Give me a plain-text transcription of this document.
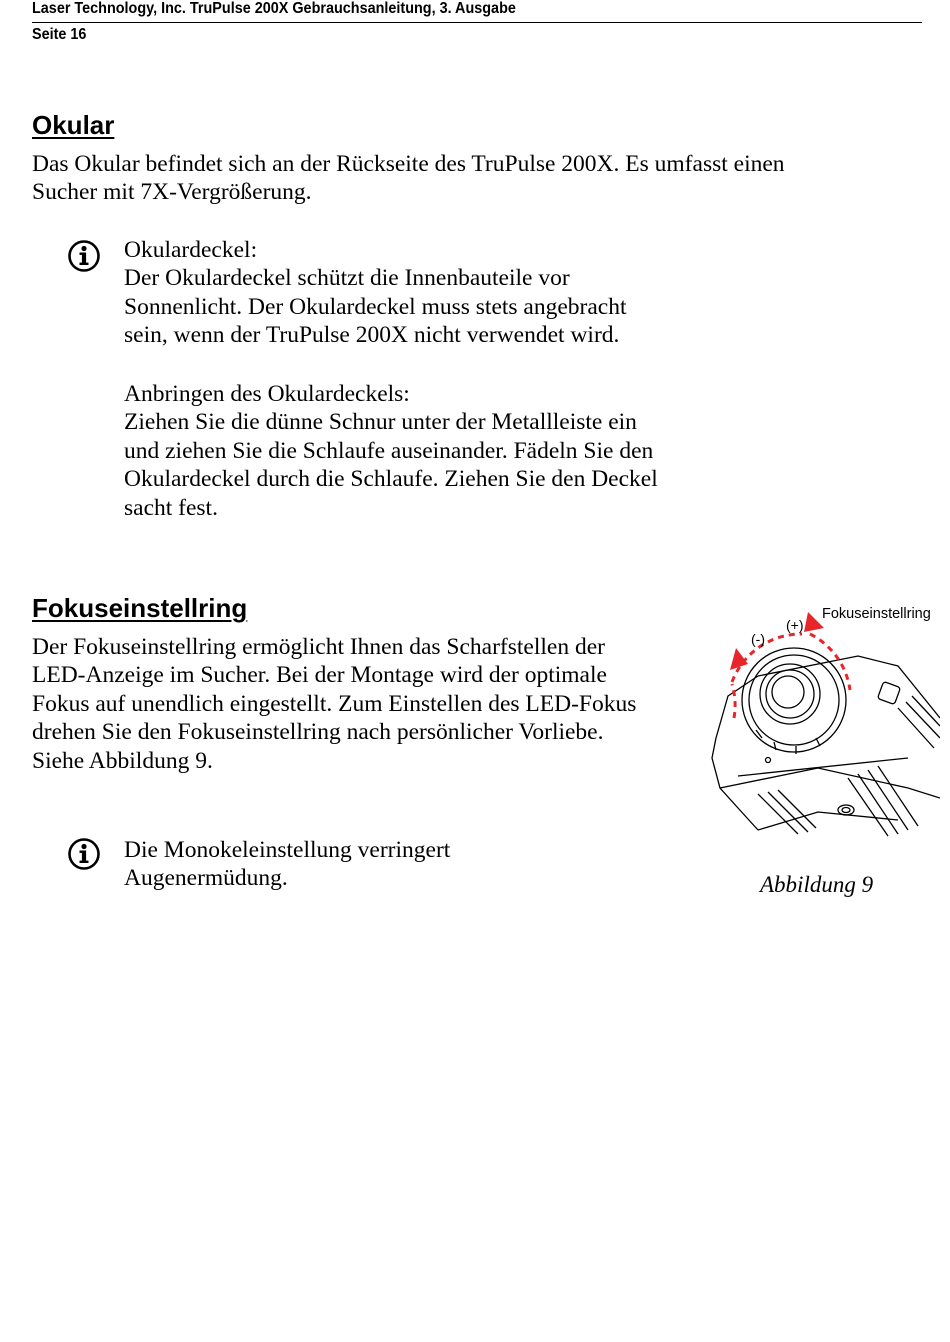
Laser Technology, Inc. TruPulse 200X Gebrauchsanleitung, 3. Ausgabe
Seite 16
Okular

Das Okular befindet sich an der Rückseite des TruPulse 200X. Es umfasst einen
Sucher mit 7X-Vergrößerung.

Okulardeckel:
Der Okulardeckel schützt die Innenbauteile vor
Sonnenlicht. Der Okulardeckel muss stets angebracht
sein, wenn der TruPulse 200X nicht verwendet wird.

Anbringen des Okulardeckels:
Ziehen Sie die dünne Schnur unter der Metallleiste ein
und ziehen Sie die Schlaufe auseinander. Fädeln Sie den
Okulardeckel durch die Schlaufe. Ziehen Sie den Deckel
sacht fest.

Fokuseinstellring

Der Fokuseinstellring ermöglicht Ihnen das Scharfstellen der
LED-Anzeige im Sucher. Bei der Montage wird der optimale
Fokus auf unendlich eingestellt. Zum Einstellen des LED-Fokus
drehen Sie den Fokuseinstellring nach persönlicher Vorliebe.
Siehe Abbildung 9.

Die Monokeleinstellung verringert
Augenermüdung.

(-)
(+)
Fokuseinstellring
Abbildung 9
